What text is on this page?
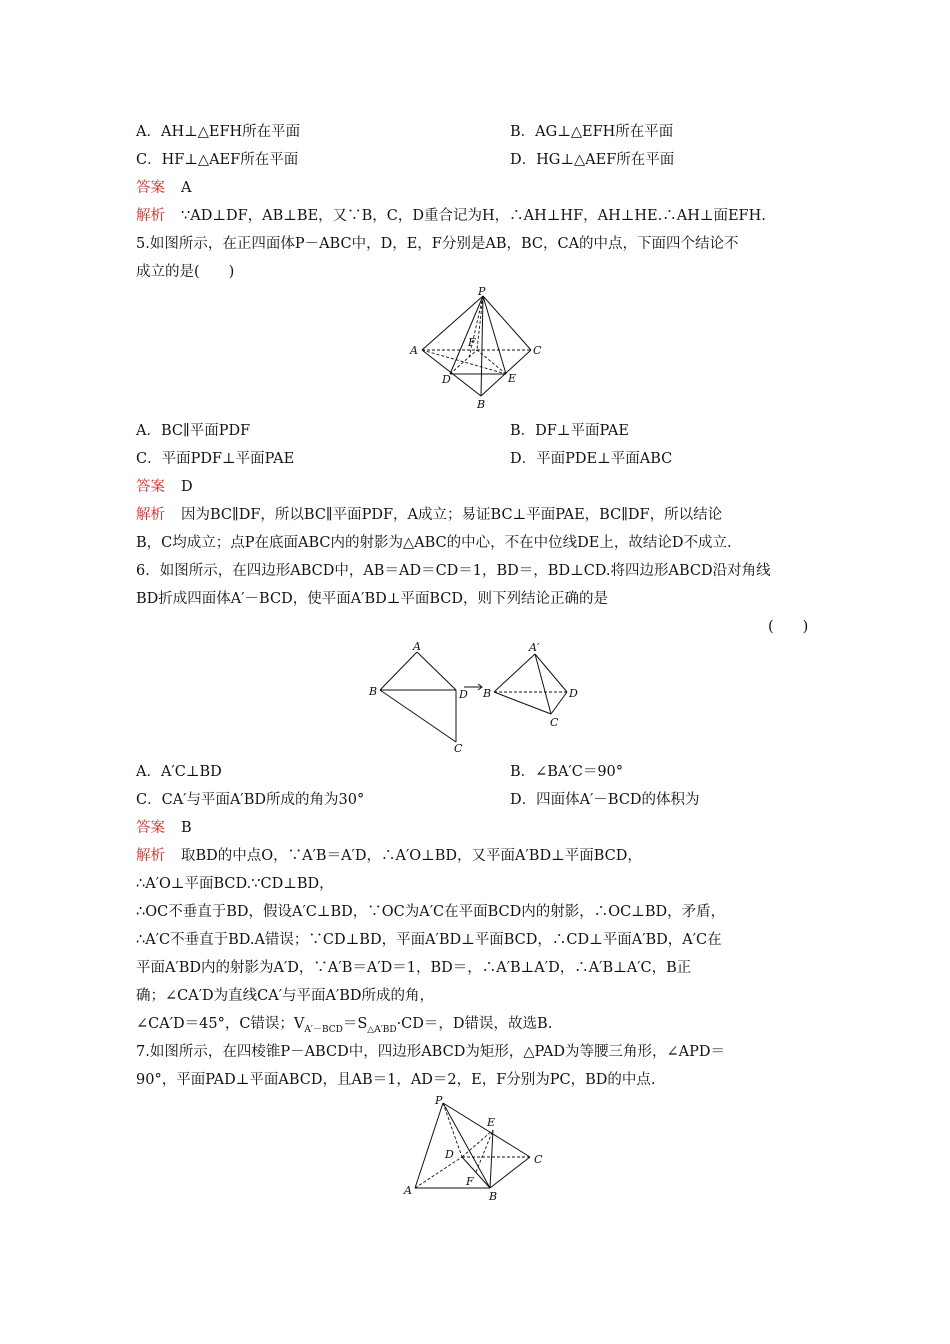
A．AH⊥△EFH所在平面	B．AG⊥△EFH所在平面
C．HF⊥△AEF所在平面	D．HG⊥△AEF所在平面
答案 A
解析 ∵AD⊥DF，AB⊥BE，又∵B，C，D重合记为H，∴AH⊥HF，AH⊥HE.∴AH⊥面EFH.
5.如图所示，在正四面体P－ABC中，D，E，F分别是AB，BC，CA的中点，下面四个结论不
成立的是(　　)
P
A	C
B
D	E
F
A．BC∥平面PDF	B．DF⊥平面PAE
C．平面PDF⊥平面PAE	D．平面PDE⊥平面ABC
答案 D
解析 因为BC∥DF，所以BC∥平面PDF，A成立；易证BC⊥平面PAE，BC∥DF，所以结论
B，C均成立；点P在底面ABC内的射影为△ABC的中心，不在中位线DE上，故结论D不成立.
6．如图所示，在四边形ABCD中，AB＝AD＝CD＝1，BD＝，BD⊥CD.将四边形ABCD沿对角线
BD折成四面体A′－BCD，使平面A′BD⊥平面BCD，则下列结论正确的是
(　　)
A
B	D
C
A′
B	D
C
A．A′C⊥BD	B．∠BA′C＝90°
C．CA′与平面A′BD所成的角为30°	D．四面体A′－BCD的体积为
答案 B
解析 取BD的中点O，∵A′B＝A′D，∴A′O⊥BD，又平面A′BD⊥平面BCD，
∴A′O⊥平面BCD.∵CD⊥BD，
∴OC不垂直于BD，假设A′C⊥BD，∵OC为A′C在平面BCD内的射影，∴OC⊥BD，矛盾，
∴A′C不垂直于BD.A错误；∵CD⊥BD，平面A′BD⊥平面BCD，∴CD⊥平面A′BD，A′C在
平面A′BD内的射影为A′D，∵A′B＝A′D＝1，BD＝，∴A′B⊥A′D，∴A′B⊥A′C，B正
确；∠CA′D为直线CA′与平面A′BD所成的角，
∠CA′D＝45°，C错误；$V_{A'-BCD}=S_{\triangle A'BD}\cdot CD=$，D错误，故选B.
7.如图所示，在四棱锥P－ABCD中，四边形ABCD为矩形，△PAD为等腰三角形，∠APD＝
90°，平面PAD⊥平面ABCD，且AB＝1，AD＝2，E，F分别为PC，BD的中点.
P
A	B
C
D
E
F
